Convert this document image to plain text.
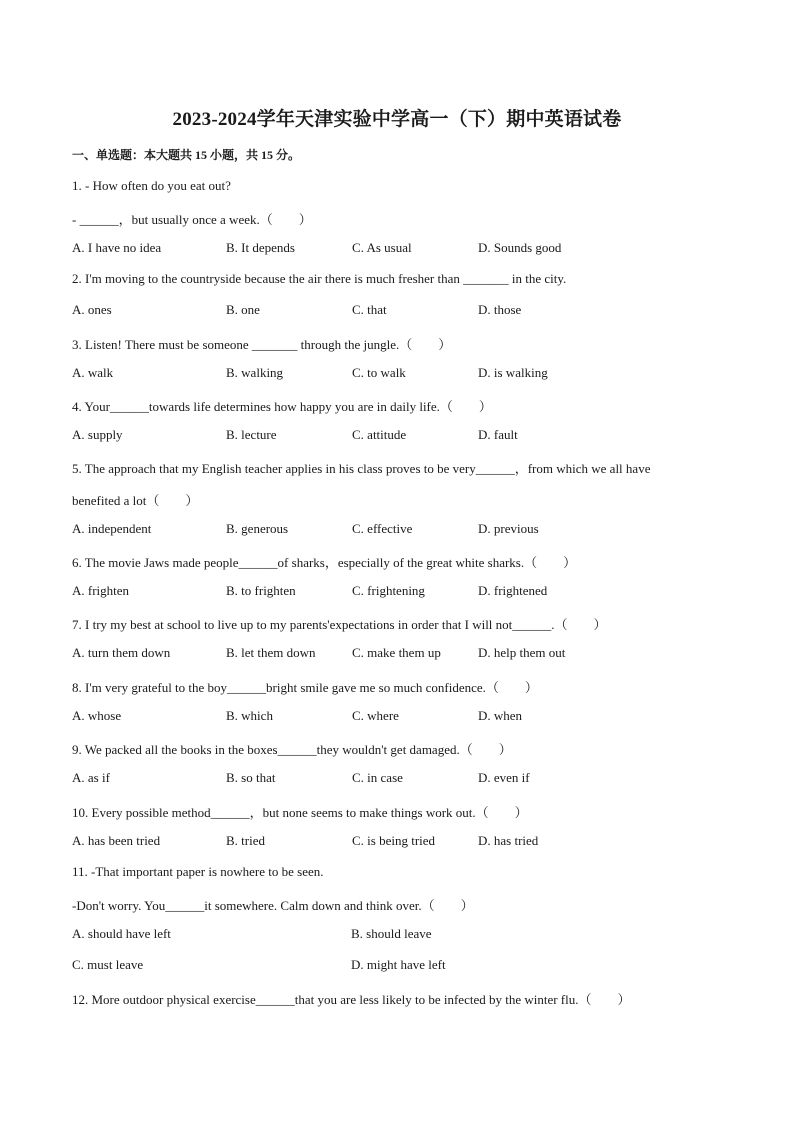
2023-2024学年天津实验中学高一（下）期中英语试卷
一、单选题：本大题共 15 小题，共 15 分。
1. - How often do you eat out?
- ______，but usually once a week.（　　）
A. I have no idea	B. It depends	C. As usual	D. Sounds good
2. I'm moving to the countryside because the air there is much fresher than _______ in the city.
A. ones	B. one	C. that	D. those
3. Listen! There must be someone _______ through the jungle.（　　）
A. walk	B. walking	C. to walk	D. is walking
4. Your______towards life determines how happy you are in daily life.（　　）
A. supply	B. lecture	C. attitude	D. fault
5. The approach that my English teacher applies in his class proves to be very______，from which we all have
benefited a lot（　　）
A. independent	B. generous	C. effective	D. previous
6. The movie Jaws made people______of sharks，especially of the great white sharks.（　　）
A. frighten	B. to frighten	C. frightening	D. frightened
7. I try my best at school to live up to my parents'expectations in order that I will not______.（　　）
A. turn them down	B. let them down	C. make them up	D. help them out
8. I'm very grateful to the boy______bright smile gave me so much confidence.（　　）
A. whose	B. which	C. where	D. when
9. We packed all the books in the boxes______they wouldn't get damaged.（　　）
A. as if	B. so that	C. in case	D. even if
10. Every possible method______，but none seems to make things work out.（　　）
A. has been tried	B. tried	C. is being tried	D. has tried
11. -That important paper is nowhere to be seen.
-Don't worry. You______it somewhere. Calm down and think over.（　　）
A. should have left	B. should leave
C. must leave	D. might have left
12. More outdoor physical exercise______that you are less likely to be infected by the winter flu.（　　）
